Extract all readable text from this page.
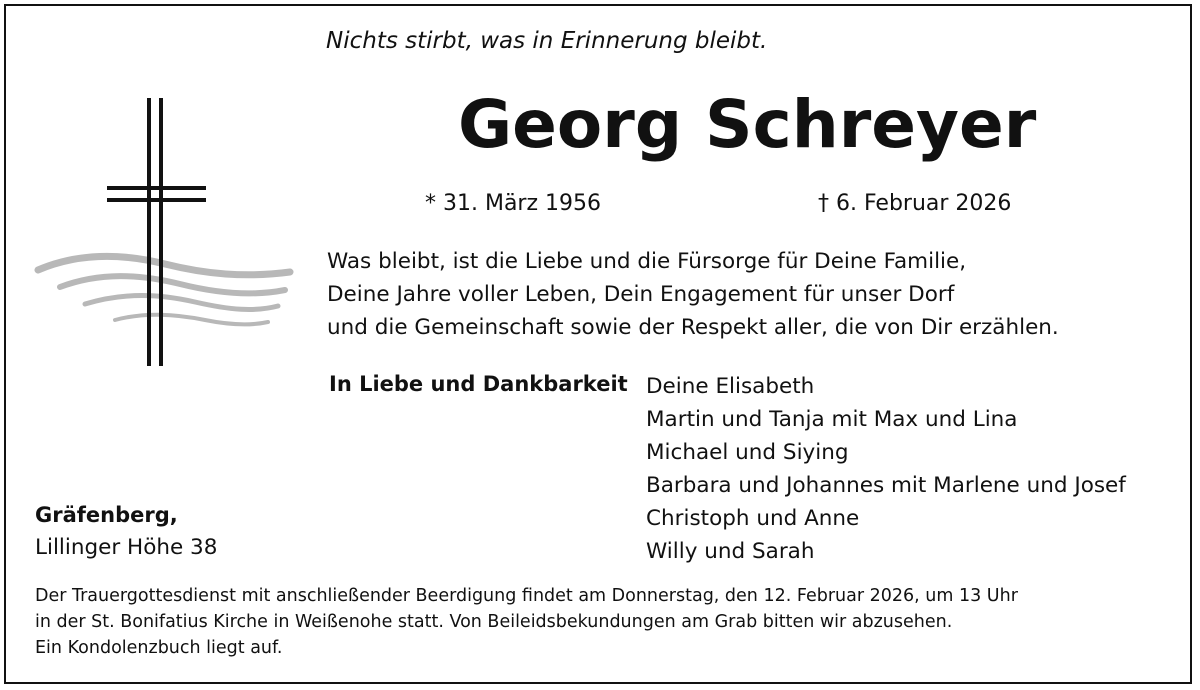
Nichts stirbt, was in Erinnerung bleibt.
Georg Schreyer
* 31. März 1956	† 6. Februar 2026
Was bleibt, ist die Liebe und die Fürsorge für Deine Familie,
Deine Jahre voller Leben, Dein Engagement für unser Dorf
und die Gemeinschaft sowie der Respekt aller, die von Dir erzählen.
In Liebe und Dankbarkeit Deine Elisabeth
Martin und Tanja mit Max und Lina
Michael und Siying
Barbara und Johannes mit Marlene und Josef
Christoph und Anne
Willy und Sarah
Gräfenberg,
Lillinger Höhe 38
Der Trauergottesdienst mit anschließender Beerdigung findet am Donnerstag, den 12. Februar 2026, um 13 Uhr
in der St. Bonifatius Kirche in Weißenohe statt. Von Beileidsbekundungen am Grab bitten wir abzusehen.
Ein Kondolenzbuch liegt auf.
